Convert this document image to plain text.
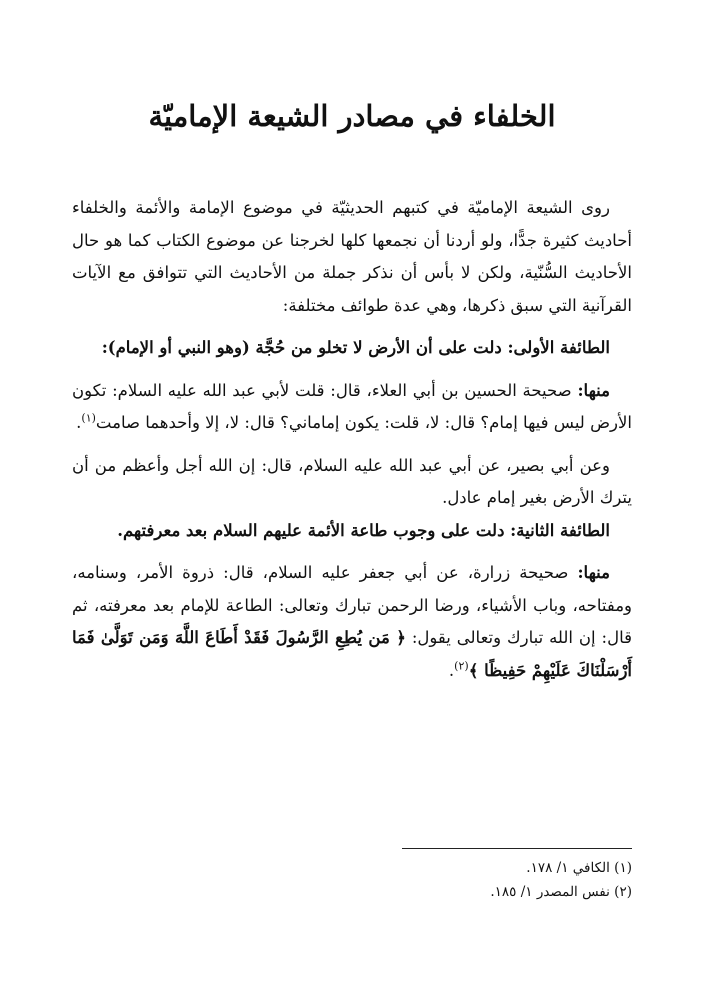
الخلفاء في مصادر الشيعة الإماميّة

روى الشيعة الإماميّة في كتبهم الحديثيّة في موضوع الإمامة والأئمة والخلفاء أحاديث كثيرة جدًّا، ولو أردنا أن نجمعها كلها لخرجنا عن موضوع الكتاب كما هو حال الأحاديث السُّنّية، ولكن لا بأس أن نذكر جملة من الأحاديث التي تتوافق مع الآيات القرآنية التي سبق ذكرها، وهي عدة طوائف مختلفة:

الطائفة الأولى: دلت على أن الأرض لا تخلو من حُجَّة (وهو النبي أو الإمام):

منها: صحيحة الحسين بن أبي العلاء، قال: قلت لأبي عبد الله عليه السلام: تكون الأرض ليس فيها إمام؟ قال: لا، قلت: يكون إماماني؟ قال: لا، إلا وأحدهما صامت$^{(١)}$.

وعن أبي بصير، عن أبي عبد الله عليه السلام، قال: إن الله أجل وأعظم من أن يترك الأرض بغير إمام عادل.

الطائفة الثانية: دلت على وجوب طاعة الأئمة عليهم السلام بعد معرفتهم.

منها: صحيحة زرارة، عن أبي جعفر عليه السلام، قال: ذروة الأمر، وسنامه، ومفتاحه، وباب الأشياء، ورضا الرحمن تبارك وتعالى: الطاعة للإمام بعد معرفته، ثم قال: إن الله تبارك وتعالى يقول: ﴿ مَن يُطِعِ الرَّسُولَ فَقَدْ أَطَاعَ اللَّهَ وَمَن تَوَلَّىٰ فَمَا أَرْسَلْنَاكَ عَلَيْهِمْ حَفِيظًا ﴾$^{(٢)}$.

(١) الكافي ١/ ١٧٨.
(٢) نفس المصدر ١/ ١٨٥.
